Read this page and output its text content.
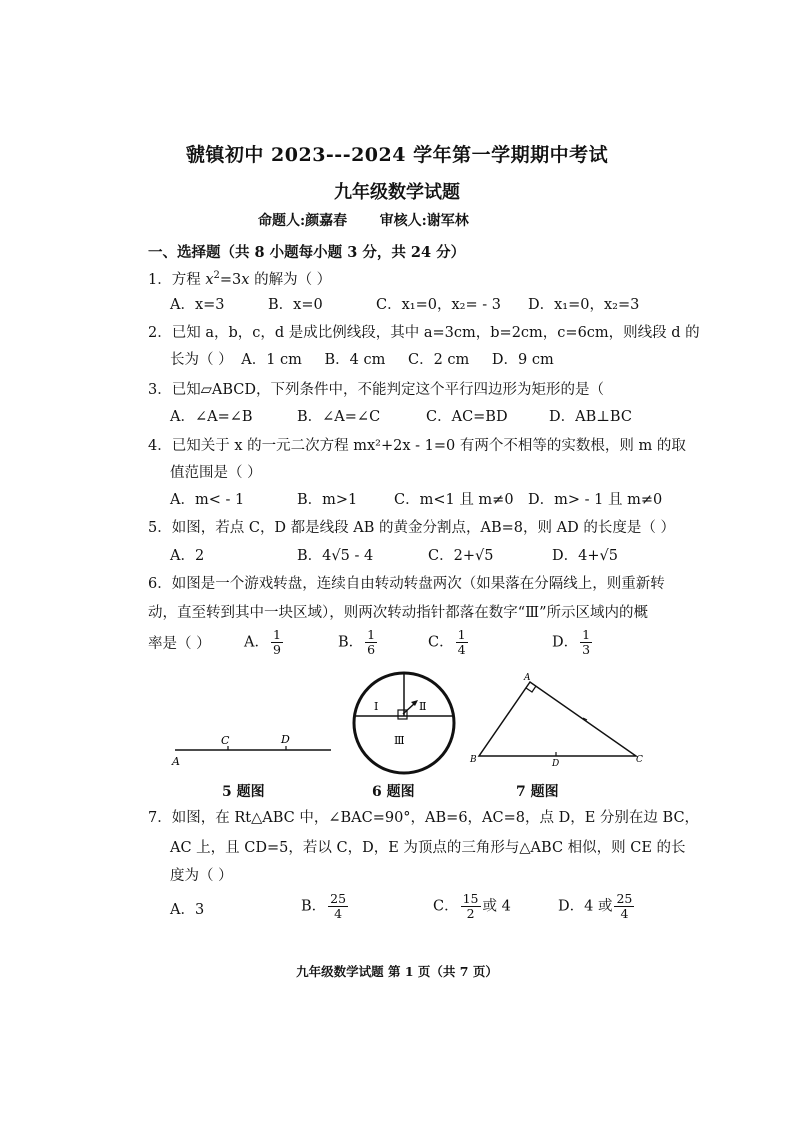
虢镇初中 2023---2024 学年第一学期期中考试
九年级数学试题
命题人:颜嘉春 审核人:谢军林
一、选择题（共 8 小题每小题 3 分，共 24 分）
1．方程 $x^2=3x$ 的解为（ ）
A．x=3	B．x=0	C．x₁=0，x₂= - 3 D．x₁=0，x₂=3
2．已知 a，b，c，d 是成比例线段，其中 a=3cm，b=2cm，c=6cm，则线段 d 的
长为（ ） A．1 cm B．4 cm C．2 cm D．9 cm
3．已知▱ABCD，下列条件中，不能判定这个平行四边形为矩形的是（
A．∠A=∠B	B．∠A=∠C	C．AC=BD	D．AB⊥BC
4．已知关于 x 的一元二次方程 mx²+2x - 1=0 有两个不相等的实数根，则 m 的取
值范围是（ ）
A．m< - 1	B．m>1	C．m<1 且 m≠0 D．m> - 1 且 m≠0
5．如图，若点 C，D 都是线段 AB 的黄金分割点，AB=8，则 AD 的长度是（ ）
A．2	B．4√5 - 4	C．2+√5	D．4+√5
6．如图是一个游戏转盘，连续自由转动转盘两次（如果落在分隔线上，则重新转
动，直至转到其中一块区域），则两次转动指针都落在数字“Ⅲ”所示区域内的概
率是（ ） A． $\frac{1}{9}$	B． $\frac{1}{6}$	C． $\frac{1}{4}$	D． $\frac{1}{3}$
A
C	D
5 题图
Ⅰ	Ⅱ
Ⅲ
6 题图
A
B	D	C
7 题图
7．如图，在 Rt△ABC 中，∠BAC=90°，AB=6，AC=8，点 D，E 分别在边 BC，
AC 上，且 CD=5，若以 C，D，E 为顶点的三角形与△ABC 相似，则 CE 的长
度为（ ）
A．3	B． $\frac{25}{4}$	C． $\frac{15}{2}$ 或 4	D．4 或 $\frac{25}{4}$
九年级数学试题 第 1 页（共 7 页）
